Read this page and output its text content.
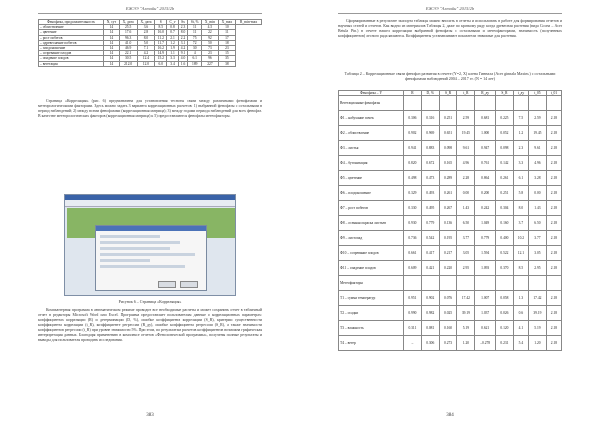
ЕЖЭЭ "Алтайн" 2015/2b
Фенофазы, продолжительность	N, сут	X, дата	X, дата	S	C_v	Sx	St, %	X_min	X_max	R_min-max
– облиствление	14	25.5	3.6	8.5	0.8	2.3	11	4.5	10	
– цветение	14	17.6	2.8	16.0	0.7	8.0	11	22	11	
– рост побегов	14	96.3	8.0	11.2	2.1	2.2	75	92	17	
– одревеснение побегов	14	41.0	5.0	11.7	1.2	3.1	72	50	18	
– плодоношение	14	46.9	7.1	16.2	1.9	4.2	30	73	23	
– созревание плодов	14	22.1	4.2	14.9	1.1	9.1	4	23	15	
– опадение плодов	14	30.5	12.4	15.2	3.3	4.0	6.1	96	35	
– вегетация	14	212.0	12.0	6.0	3.4	1.6	189	227	38	
Страница «Корреляция» (рис. 6) предназначена для установления тесноты связи между различными фенофазами и метеорологическими факторами. Здесь можно задать 3 варианта корреляционных расчетов: 1) выбранной фенофазы с остальными в период наблюдений; 2) между всеми фенофазами (корреляционная матрица); 3) между годами периода наблюдений для всех фенофаз. В качестве метеорологических факторов (корреляционная матрица) к 5) предоставляются фенофазы метеофакторы.
Рисунок 6 – Страница «Корреляция»
Компьютерная программа в автоматическом режиме проводит все необходимые расчеты и может сохранить отчет в табличный отчет в редакторы Microsoft Word или Excel. Программа предоставляет пользователям данные о корреляционных параметрах: коэффициентах корреляции (R) и детерминации (D, %), ошибке коэффициента корреляции (S_R), критерии существенности коэффициента корреляции (t_R), коэффициенте регрессии (R_ду), ошибке коэффициента регрессии (S_R), а также значимости коэффициентов регрессии (t_R) при уровне значимости 5%. При этом, по результатам расчетов коэффициентов возможна графическая интерпретация данных. Благодаря применению в комплексе отчетов «Фенологической программы», получены полные результаты и выводы для пользователя проводить исследования.
383
ЕЖЭЭ "Алтайн" 2015/2b
Сформированные в результате экспорта таблицы можно вносить в отчеты и использовать в работе для формирования отчетов и научных статей и отчетов. Как видно из материалов Таблицы 2, даже по краткому ряду когда древесная растения (вида Сосна – Acer Betula Pin.) в отчете нашел корреляции выбранной фенофазы с остальными и метеофакторами, значимость (полученных коэффициентов) лесного ряда являются. Коэффициенты устанавливают показатели значимые для растения.
Таблица 2 – Корреляционные связи фенофаз развития в отчете (Y=2, X) клена Гиннала (Acer ginnala Maxim.) с остальными фенофазами наблюдений 2004 – 2017 гг. (N = 14 лет)
Фенофазы – Y	R	D, %	S_R	t_R	R_ду	S_R	t_ду	t_05	t_01
Вегетационные фенофазы									
Ф1 – набухание почек	0.306	0.316	0.251	2.59	0.681	0.225	7.5	2.59	2.18
Ф2 – облиствление	0.902	0.969	0.651	19.45	1.000	0.052	1.2	19.45	2.18
Ф3 – листья	0.941	0.883	0.098	9.61	0.947	0.098	2.3	9.61	2.18
Ф4 – бутонизация	0.820	0.672	0.165	4.96	0.761	0.142	3.3	4.96	2.18
Ф5 – цветение	0.498	0.473	0.289	2.28	0.864	0.261	6.1	3.28	2.18
Ф6 – плодоношение	0.329	0.493	0.261	0.00	0.200	0.251	5.8	0.00	2.18
Ф7 – рост побегов	0.330	0.495	0.267	1.43	0.242	0.304	8.0	1.43	2.18
Ф8 – осенняя окраска листьев	0.930	0.779	0.136	6.50	1.049	0.160	3.7	6.50	2.18
Ф9 – листопад	0.736	0.542	0.195	3.77	0.779	0.400	10.2	3.77	2.18
Ф10 – созревание плодов	0.661	0.417	0.217	3.05	1.594	0.522	12.1	3.05	2.18
Ф11 – опадение плодов	0.609	0.421	0.220	2.95	1.093	0.370	8.5	2.95	2.18
Метеофакторы									
T1 – сумма температур	0.951	0.902	0.076	17.42	1.007	0.058	1.3	17.42	2.18
T2 – осадки	0.990	0.982	0.025	39.19	1.037	0.026	0.6	39.19	2.18
T3 – влажность	0.311	0.081	0.160	5.19	0.621	0.120	4.1	5.19	2.18
T4 – ветер	–	0.306	0.273	1.20	–0.278	0.231	5.4	1.20	2.18
384
